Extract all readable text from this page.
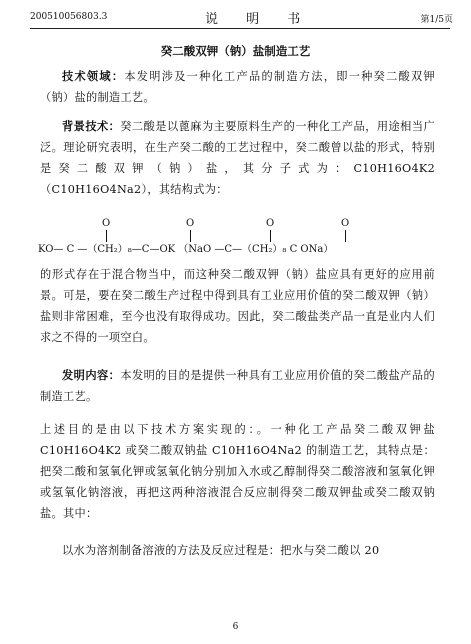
200510056803.3	说 明 书	第1/5页
癸二酸双钾（钠）盐制造工艺
技术领域：本发明涉及一种化工产品的制造方法，即一种癸二酸双钾（钠）盐的制造工艺。
背景技术：癸二酸是以蓖麻为主要原料生产的一种化工产品，用途相当广泛。理论研究表明，在生产癸二酸的工艺过程中，癸二酸曾以盐的形式，特别是癸二酸双钾（钠）盐，其分子式为：C10H16O4K2（C10H16O4Na2），其结构式为：
O	O	O	O
KO— C —（CH₂）₈—C—OK （NaO —C—（CH₂）₈ C ONa）
的形式存在于混合物当中，而这种癸二酸双钾（钠）盐应具有更好的应用前景。可是，要在癸二酸生产过程中得到具有工业应用价值的癸二酸双钾（钠）盐则非常困难，至今也没有取得成功。因此，癸二酸盐类产品一直是业内人们求之不得的一项空白。
发明内容：本发明的目的是提供一种具有工业应用价值的癸二酸盐产品的制造工艺。
上述目的是由以下技术方案实现的：。一种化工产品癸二酸双钾盐C10H16O4K2 或癸二酸双钠盐 C10H16O4Na2 的制造工艺，其特点是：把癸二酸和氢氧化钾或氢氧化钠分别加入水或乙醇制得癸二酸溶液和氢氧化钾或氢氧化钠溶液，再把这两种溶液混合反应制得癸二酸双钾盐或癸二酸双钠盐。其中：
以水为溶剂制备溶液的方法及反应过程是：把水与癸二酸以 20
6
